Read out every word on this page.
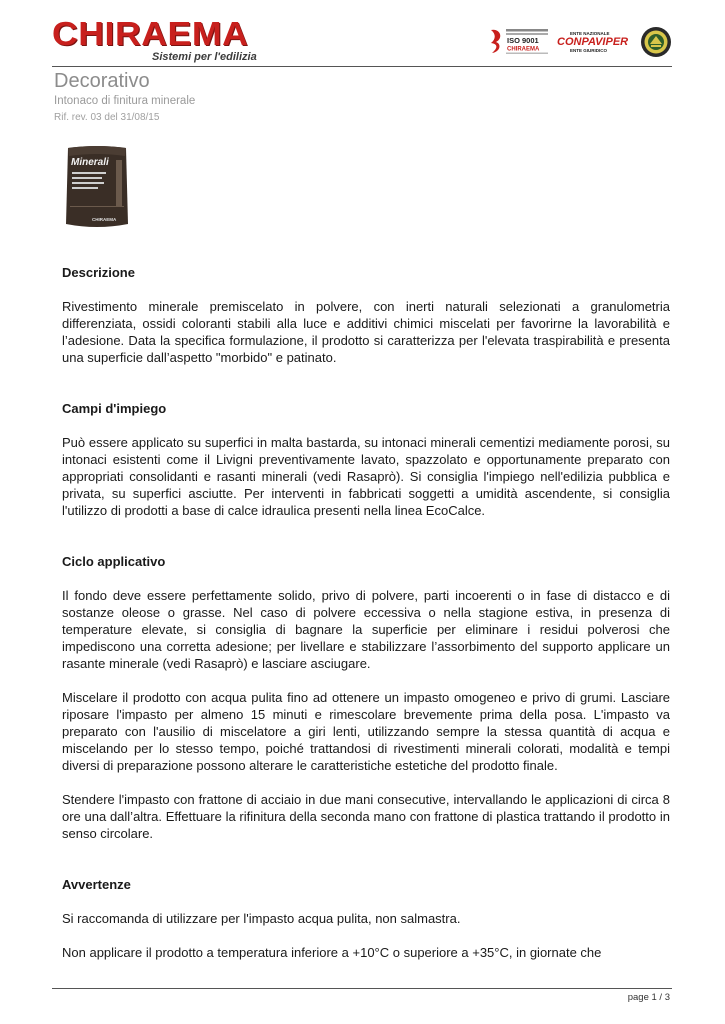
CHIRAEMA
Sistemi per l'edilizia
ISO 9001
CHIRAEMA
ENTE NAZIONALE
CONPAVIPER
ENTE GIURIDICO
Decorativo
Intonaco di finitura minerale
Rif. rev. 03 del 31/08/15
Minerali
CHIRAEMA
Descrizione

Rivestimento minerale premiscelato in polvere, con inerti naturali selezionati a granulometria differenziata, ossidi coloranti stabili alla luce e additivi chimici miscelati per favorirne la lavorabilità e l’adesione. Data la specifica formulazione, il prodotto si caratterizza per l'elevata traspirabilità e presenta una superficie dall’aspetto "morbido" e patinato.

Campi d'impiego

Può essere applicato su superfici in malta bastarda, su intonaci minerali cementizi mediamente porosi, su intonaci esistenti come il Livigni preventivamente lavato, spazzolato e opportunamente preparato con appropriati consolidanti e rasanti minerali (vedi Rasaprò). Si consiglia l'impiego nell'edilizia pubblica e privata, su superfici asciutte. Per interventi in fabbricati soggetti a umidità ascendente, si consiglia l'utilizzo di prodotti a base di calce idraulica presenti nella linea EcoCalce.

Ciclo applicativo

Il fondo deve essere perfettamente solido, privo di polvere, parti incoerenti o in fase di distacco e di sostanze oleose o grasse. Nel caso di polvere eccessiva o nella stagione estiva, in presenza di temperature elevate, si consiglia di bagnare la superficie per eliminare i residui polverosi che impediscono una corretta adesione; per livellare e stabilizzare l’assorbimento del supporto applicare un rasante minerale (vedi Rasaprò) e lasciare asciugare.

Miscelare il prodotto con acqua pulita fino ad ottenere un impasto omogeneo e privo di grumi. Lasciare riposare l'impasto per almeno 15 minuti e rimescolare brevemente prima della posa. L'impasto va preparato con l'ausilio di miscelatore a giri lenti, utilizzando sempre la stessa quantità di acqua e miscelando per lo stesso tempo, poiché trattandosi di rivestimenti minerali colorati, modalità e tempi diversi di preparazione possono alterare le caratteristiche estetiche del prodotto finale.

Stendere l'impasto con frattone di acciaio in due mani consecutive, intervallando le applicazioni di circa 8 ore una dall’altra. Effettuare la rifinitura della seconda mano con frattone di plastica trattando il prodotto in senso circolare.

Avvertenze

Si raccomanda di utilizzare per l'impasto acqua pulita, non salmastra.

Non applicare il prodotto a temperatura inferiore a +10°C o superiore a +35°C, in giornate che

page 1 / 3
